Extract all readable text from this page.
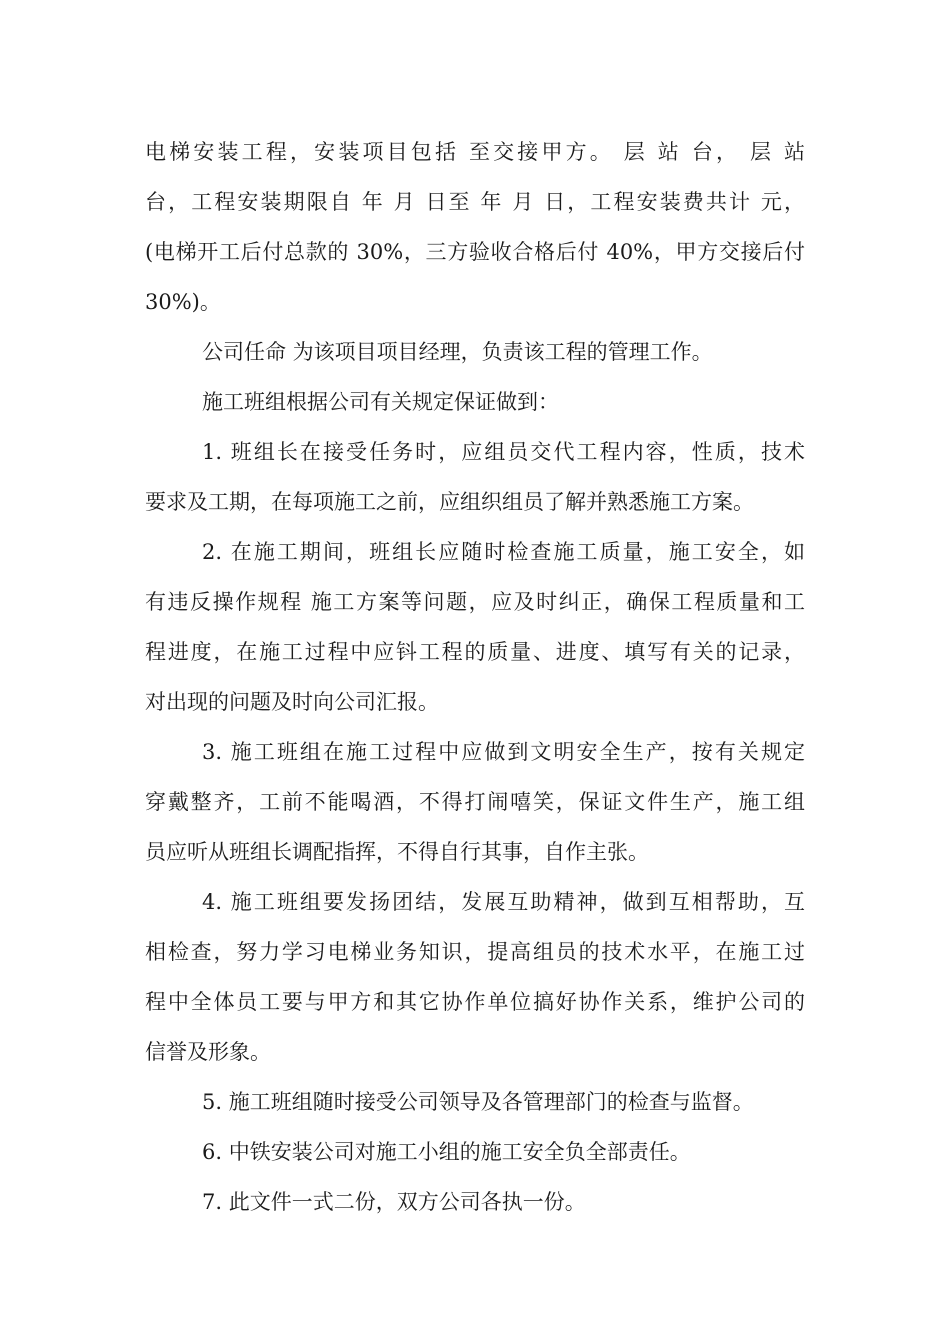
电梯安装工程，安装项目包括 至交接甲方。 层 站 台， 层 站
台，工程安装期限自 年 月 日至 年 月 日，工程安装费共计 元，
(电梯开工后付总款的 30%，三方验收合格后付 40%，甲方交接后付
30%)。
公司任命 为该项目项目经理，负责该工程的管理工作。
施工班组根据公司有关规定保证做到：
1. 班组长在接受任务时，应组员交代工程内容，性质，技术
要求及工期，在每项施工之前，应组织组员了解并熟悉施工方案。
2. 在施工期间，班组长应随时检查施工质量，施工安全，如
有违反操作规程 施工方案等问题，应及时纠正，确保工程质量和工
程进度，在施工过程中应钭工程的质量、进度、填写有关的记录，
对出现的问题及时向公司汇报。
3. 施工班组在施工过程中应做到文明安全生产，按有关规定
穿戴整齐，工前不能喝酒，不得打闹嘻笑，保证文件生产，施工组
员应听从班组长调配指挥，不得自行其事，自作主张。
4. 施工班组要发扬团结，发展互助精神，做到互相帮助，互
相检查，努力学习电梯业务知识，提高组员的技术水平，在施工过
程中全体员工要与甲方和其它协作单位搞好协作关系，维护公司的
信誉及形象。
5. 施工班组随时接受公司领导及各管理部门的检查与监督。
6. 中铁安装公司对施工小组的施工安全负全部责任。
7. 此文件一式二份，双方公司各执一份。
